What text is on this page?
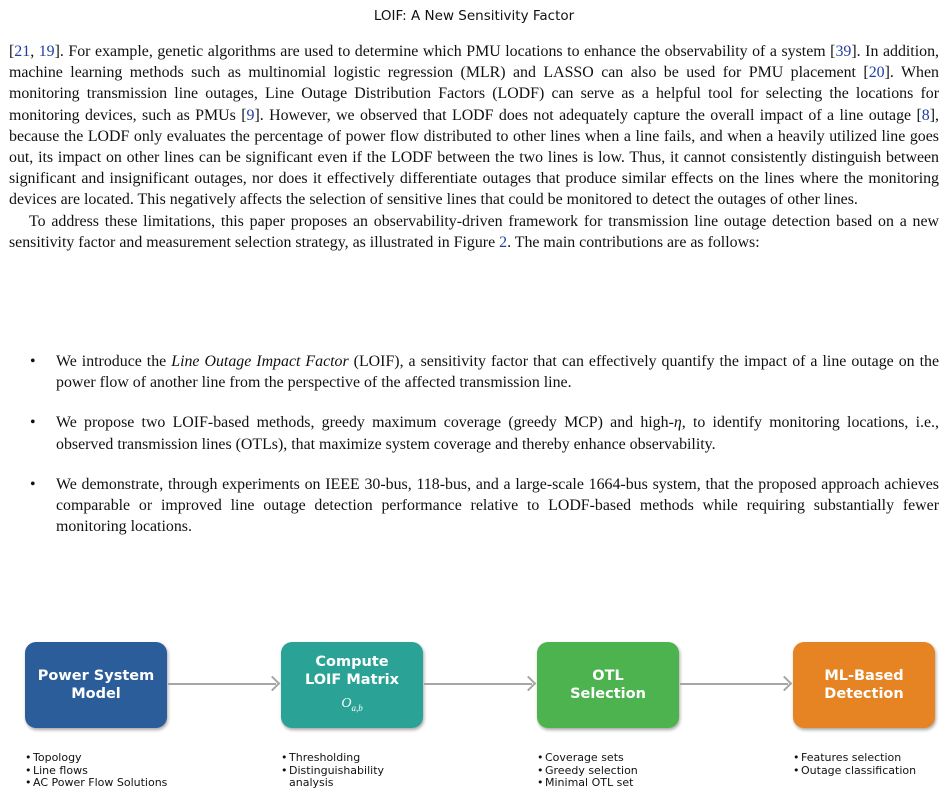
LOIF: A New Sensitivity Factor

[21, 19]. For example, genetic algorithms are used to determine which PMU locations to enhance the observability of a system [39]. In addition, machine learning methods such as multinomial logistic regression (MLR) and LASSO can also be used for PMU placement [20]. When monitoring transmission line outages, Line Outage Distribution Factors (LODF) can serve as a helpful tool for selecting the locations for monitoring devices, such as PMUs [9]. However, we observed that LODF does not adequately capture the overall impact of a line outage [8], because the LODF only evaluates the percentage of power flow distributed to other lines when a line fails, and when a heavily utilized line goes out, its impact on other lines can be significant even if the LODF between the two lines is low. Thus, it cannot consistently distinguish between significant and insignificant outages, nor does it effectively differentiate outages that produce similar effects on the lines where the monitoring devices are located. This negatively affects the selection of sensitive lines that could be monitored to detect the outages of other lines.

To address these limitations, this paper proposes an observability-driven framework for transmission line outage detection based on a new sensitivity factor and measurement selection strategy, as illustrated in Figure 2. The main contributions are as follows:

• We introduce the Line Outage Impact Factor (LOIF), a sensitivity factor that can effectively quantify the impact of a line outage on the power flow of another line from the perspective of the affected transmission line.
• We propose two LOIF-based methods, greedy maximum coverage (greedy MCP) and high-η, to identify monitoring locations, i.e., observed transmission lines (OTLs), that maximize system coverage and thereby enhance observability.
• We demonstrate, through experiments on IEEE 30-bus, 118-bus, and a large-scale 1664-bus system, that the proposed approach achieves comparable or improved line outage detection performance relative to LODF-based methods while requiring substantially fewer monitoring locations.
Power System
Model
Compute
LOIF Matrix
$O_{a,b}$
OTL
Selection
ML-Based
Detection
• Topology
• Line flows
• AC Power Flow Solutions
• Thresholding
• Distinguishability
analysis
• Coverage sets
• Greedy selection
• Minimal OTL set
• Features selection
• Outage classification
